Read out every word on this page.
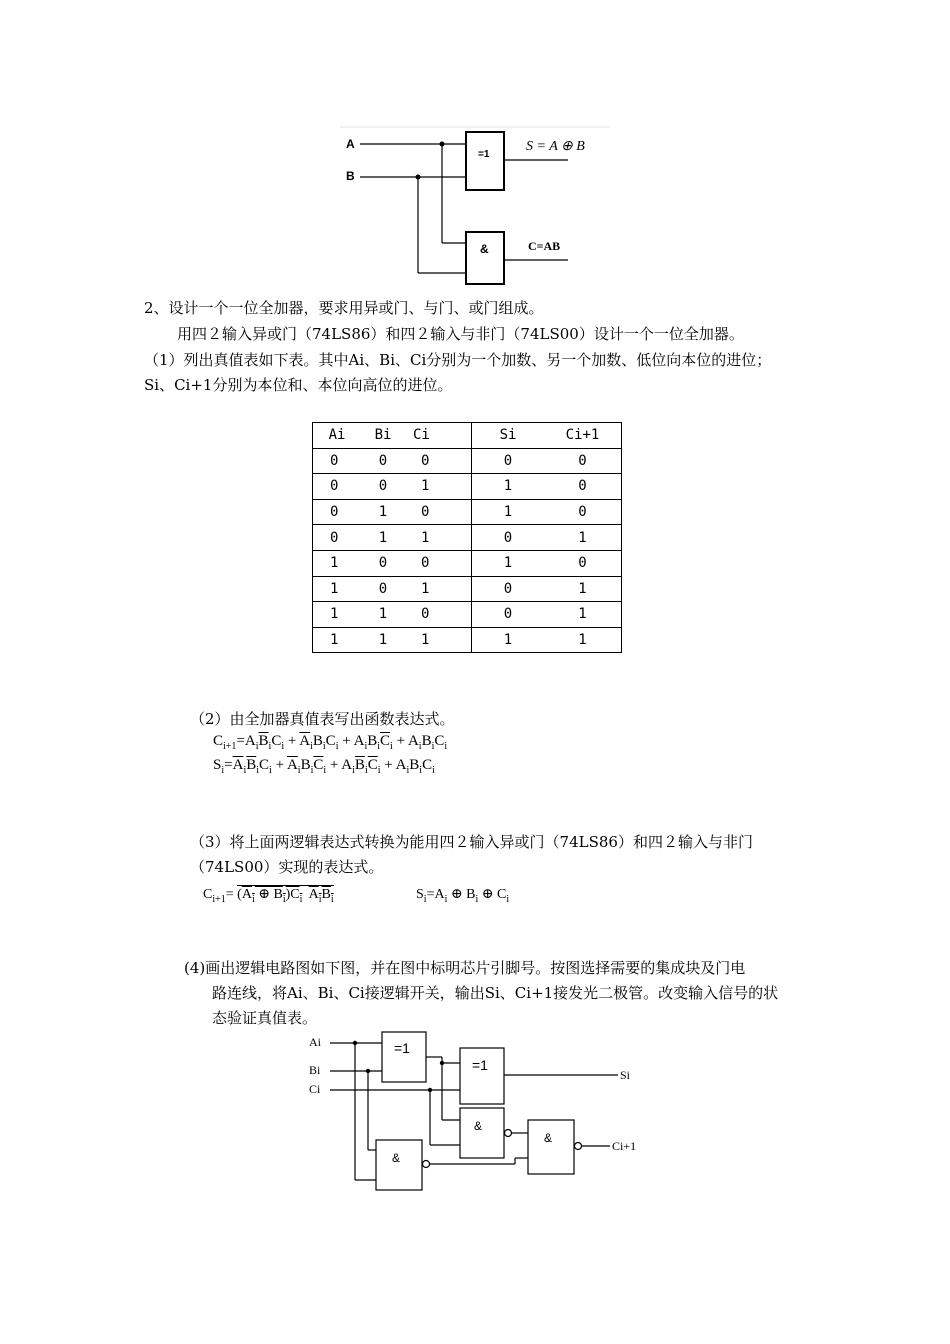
A
B
=1
&
S = A ⊕ B
C=AB
2、设计一个一位全加器，要求用异或门、与门、或门组成。
用四２输入异或门（74LS86）和四２输入与非门（74LS00）设计一个一位全加器。
（1）列出真值表如下表。其中Ai、Bi、Ci分别为一个加数、另一个加数、低位向本位的进位；
Si、Ci+1分别为本位和、本位向高位的进位。
Ai	Bi	Ci	Si	Ci+1
0	0	0	0	0
0	0	1	1	0
0	1	0	1	0
0	1	1	0	1
1	0	0	1	0
1	0	1	0	1
1	1	0	0	1
1	1	1	1	1
（2）由全加器真值表写出函数表达式。
$C_{i+1}=A_i\overline{B}_iC_i + \overline{A}_iB_iC_i + A_iB_i\overline{C}_i + A_iB_iC_i$
$S_i=\overline{A}_i\overline{B}_iC_i + \overline{A}_iB_i\overline{C}_i + A_i\overline{B}_i\overline{C}_i + A_iB_iC_i$
（3）将上面两逻辑表达式转换为能用四２输入异或门（74LS86）和四２输入与非门
（74LS00）实现的表达式。
$C_{i+1}= (A_i$ ⊕ $B_i)C_i$ $A_iB_i$	$S_i=A_i$ ⊕ $B_i$ ⊕ $C_i$
(4)画出逻辑电路图如下图，并在图中标明芯片引脚号。按图选择需要的集成块及门电
路连线，将Ai、Bi、Ci接逻辑开关，输出Si、Ci+1接发光二极管。改变输入信号的状
态验证真值表。
Ai
Bi
Ci
=1
=1
&
&
&
Si
Ci+1
